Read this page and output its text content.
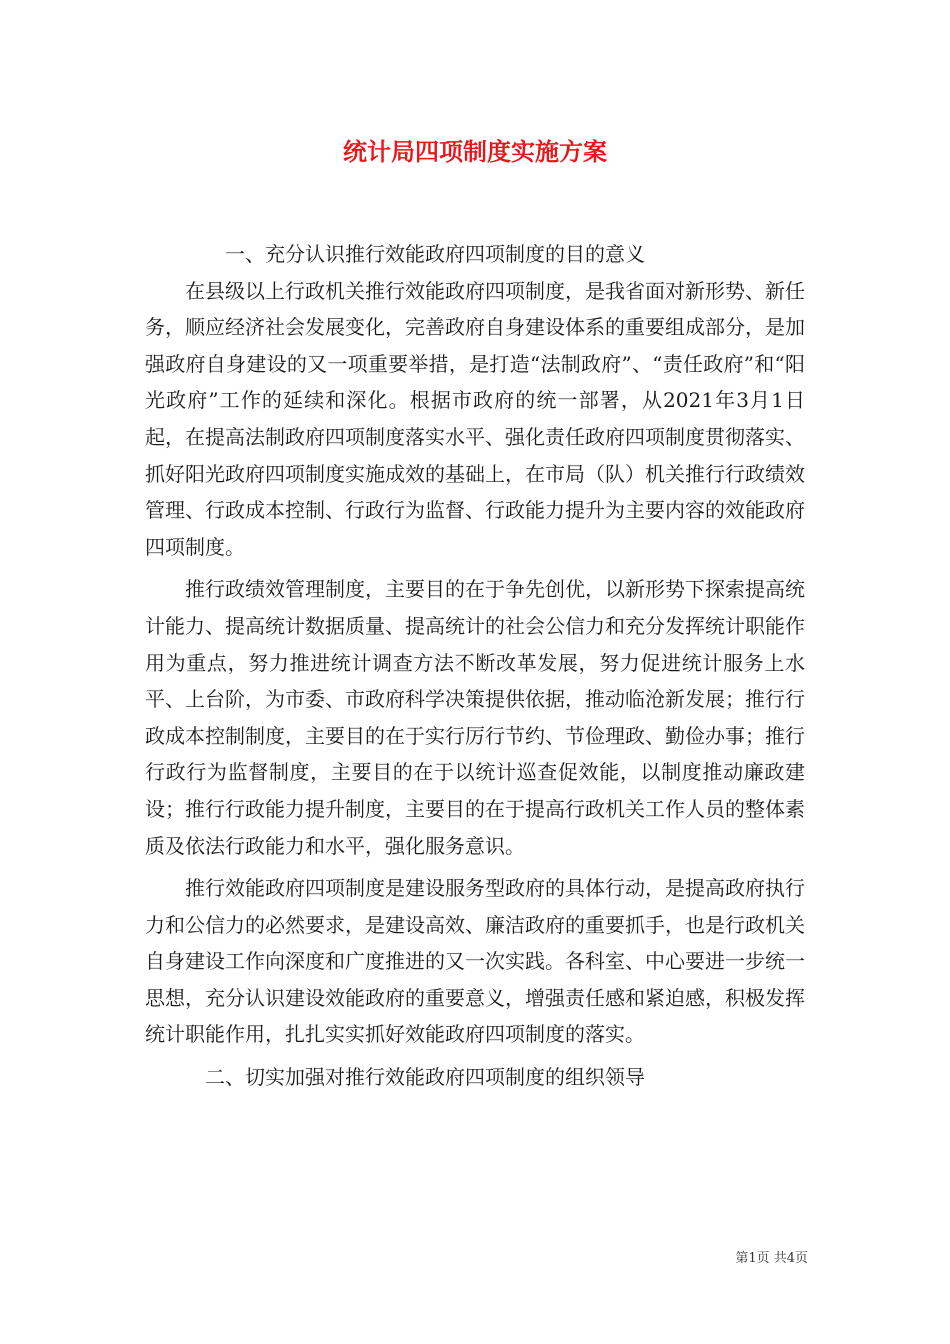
统计局四项制度实施方案

一、充分认识推行效能政府四项制度的目的意义

在县级以上行政机关推行效能政府四项制度，是我省面对新形势、新任务，顺应经济社会发展变化，完善政府自身建设体系的重要组成部分，是加强政府自身建设的又一项重要举措，是打造“法制政府”、“责任政府”和“阳光政府”工作的延续和深化。根据市政府的统一部署，从2021年3月1日起，在提高法制政府四项制度落实水平、强化责任政府四项制度贯彻落实、抓好阳光政府四项制度实施成效的基础上，在市局（队）机关推行行政绩效管理、行政成本控制、行政行为监督、行政能力提升为主要内容的效能政府四项制度。

推行政绩效管理制度，主要目的在于争先创优，以新形势下探索提高统计能力、提高统计数据质量、提高统计的社会公信力和充分发挥统计职能作用为重点，努力推进统计调查方法不断改革发展，努力促进统计服务上水平、上台阶，为市委、市政府科学决策提供依据，推动临沧新发展；推行行政成本控制制度，主要目的在于实行厉行节约、节俭理政、勤俭办事；推行行政行为监督制度，主要目的在于以统计巡查促效能，以制度推动廉政建设；推行行政能力提升制度，主要目的在于提高行政机关工作人员的整体素质及依法行政能力和水平，强化服务意识。

推行效能政府四项制度是建设服务型政府的具体行动，是提高政府执行力和公信力的必然要求，是建设高效、廉洁政府的重要抓手，也是行政机关自身建设工作向深度和广度推进的又一次实践。各科室、中心要进一步统一思想，充分认识建设效能政府的重要意义，增强责任感和紧迫感，积极发挥统计职能作用，扎扎实实抓好效能政府四项制度的落实。

二、切实加强对推行效能政府四项制度的组织领导

第1页 共4页
